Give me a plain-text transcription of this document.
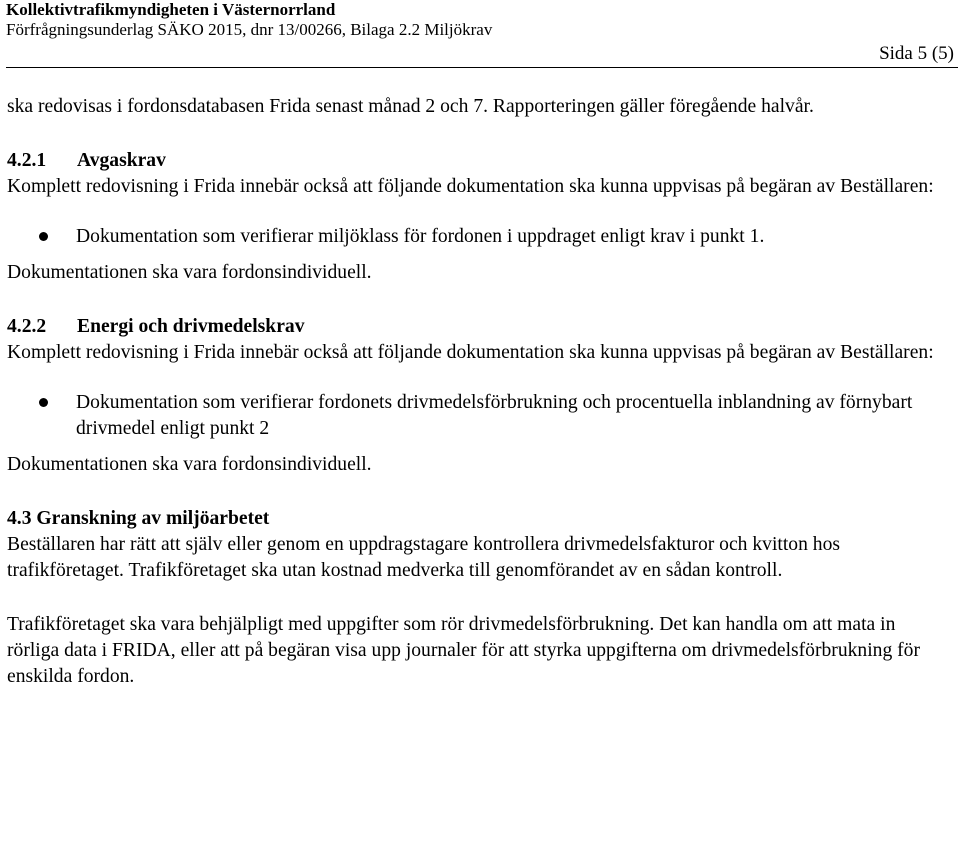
Kollektivtrafikmyndigheten i Västernorrland
Förfrågningsunderlag SÄKO 2015, dnr 13/00266, Bilaga 2.2 Miljökrav
Sida 5 (5)

ska redovisas i fordonsdatabasen Frida senast månad 2 och 7. Rapporteringen gäller föregående halvår.

4.2.1 Avgaskrav

Komplett redovisning i Frida innebär också att följande dokumentation ska kunna uppvisas på begäran av Beställaren:

Dokumentation som verifierar miljöklass för fordonen i uppdraget enligt krav i punkt 1.

Dokumentationen ska vara fordonsindividuell.

4.2.2 Energi och drivmedelskrav

Komplett redovisning i Frida innebär också att följande dokumentation ska kunna uppvisas på begäran av Beställaren:

Dokumentation som verifierar fordonets drivmedelsförbrukning och procentuella inblandning av förnybart drivmedel enligt punkt 2

Dokumentationen ska vara fordonsindividuell.

4.3 Granskning av miljöarbetet

Beställaren har rätt att själv eller genom en uppdragstagare kontrollera drivmedelsfakturor och kvitton hos trafikföretaget. Trafikföretaget ska utan kostnad medverka till genomförandet av en sådan kontroll.

Trafikföretaget ska vara behjälpligt med uppgifter som rör drivmedelsförbrukning. Det kan handla om att mata in rörliga data i FRIDA, eller att på begäran visa upp journaler för att styrka uppgifterna om drivmedelsförbrukning för enskilda fordon.
